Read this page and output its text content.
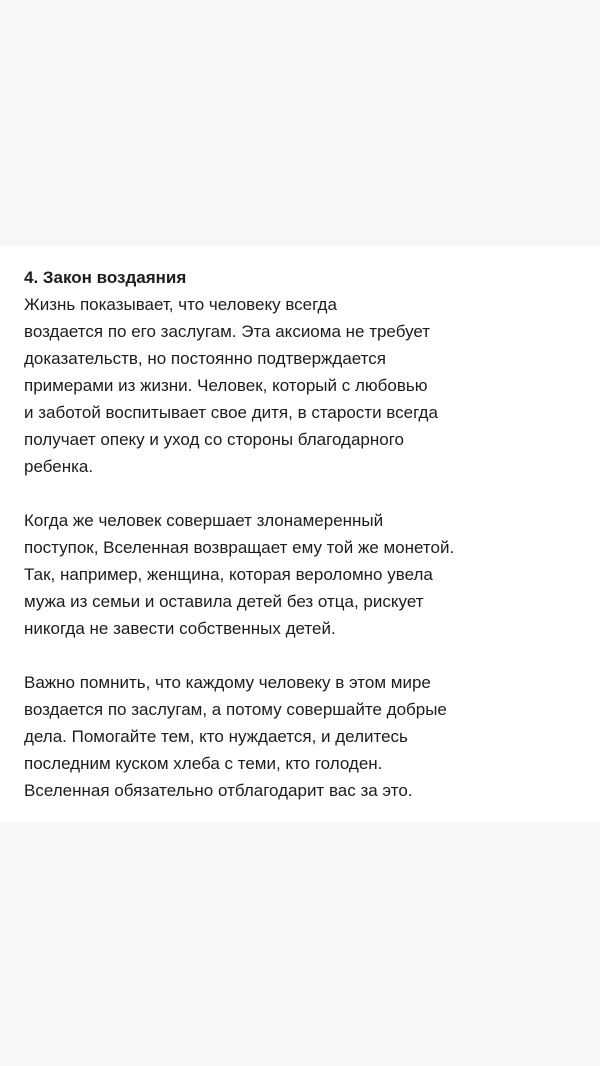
4. Закон воздаяния
Жизнь показывает, что человеку всегда
воздается по его заслугам. Эта аксиома не требует
доказательств, но постоянно подтверждается
примерами из жизни. Человек, который с любовью
и заботой воспитывает свое дитя, в старости всегда
получает опеку и уход со стороны благодарного
ребенка.
Когда же человек совершает злонамеренный
поступок, Вселенная возвращает ему той же монетой.
Так, например, женщина, которая вероломно увела
мужа из семьи и оставила детей без отца, рискует
никогда не завести собственных детей.
Важно помнить, что каждому человеку в этом мире
воздается по заслугам, а потому совершайте добрые
дела. Помогайте тем, кто нуждается, и делитесь
последним куском хлеба с теми, кто голоден.
Вселенная обязательно отблагодарит вас за это.
